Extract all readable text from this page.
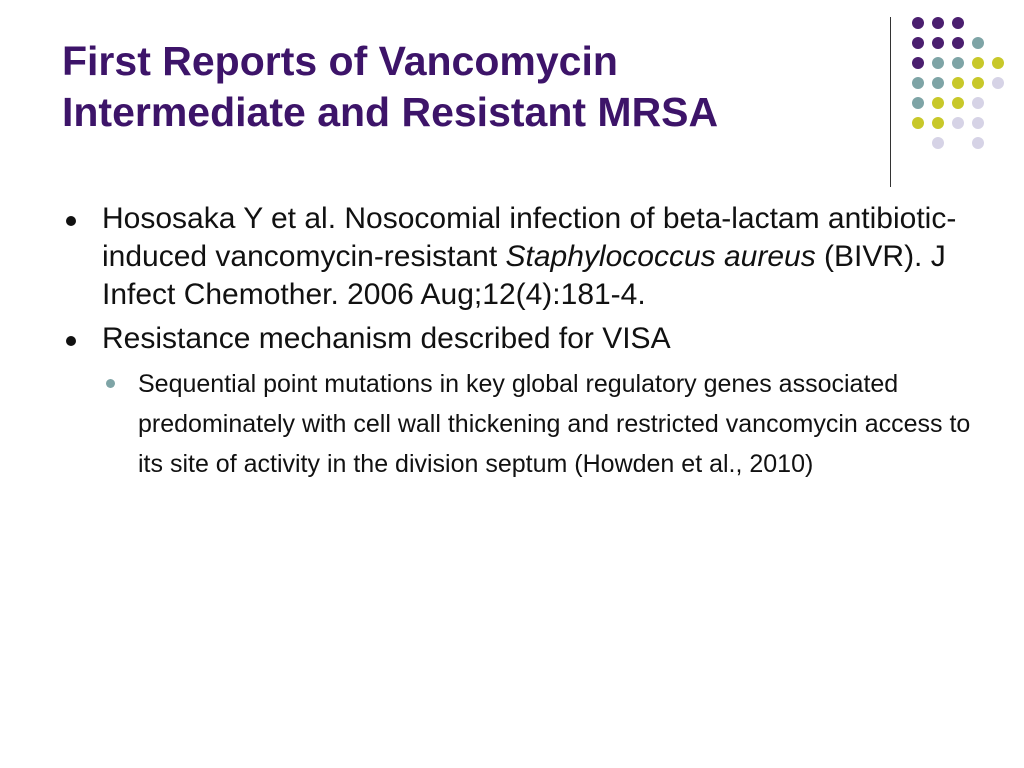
First Reports of Vancomycin
Intermediate and Resistant MRSA
Hososaka Y et al. Nosocomial infection of beta-lactam antibiotic-induced vancomycin-resistant Staphylococcus aureus (BIVR). J Infect Chemother. 2006 Aug;12(4):181-4.
Resistance mechanism described for VISA
Sequential point mutations in key global regulatory genes associated predominately with cell wall thickening and restricted vancomycin access to its site of activity in the division septum (Howden et al., 2010)
